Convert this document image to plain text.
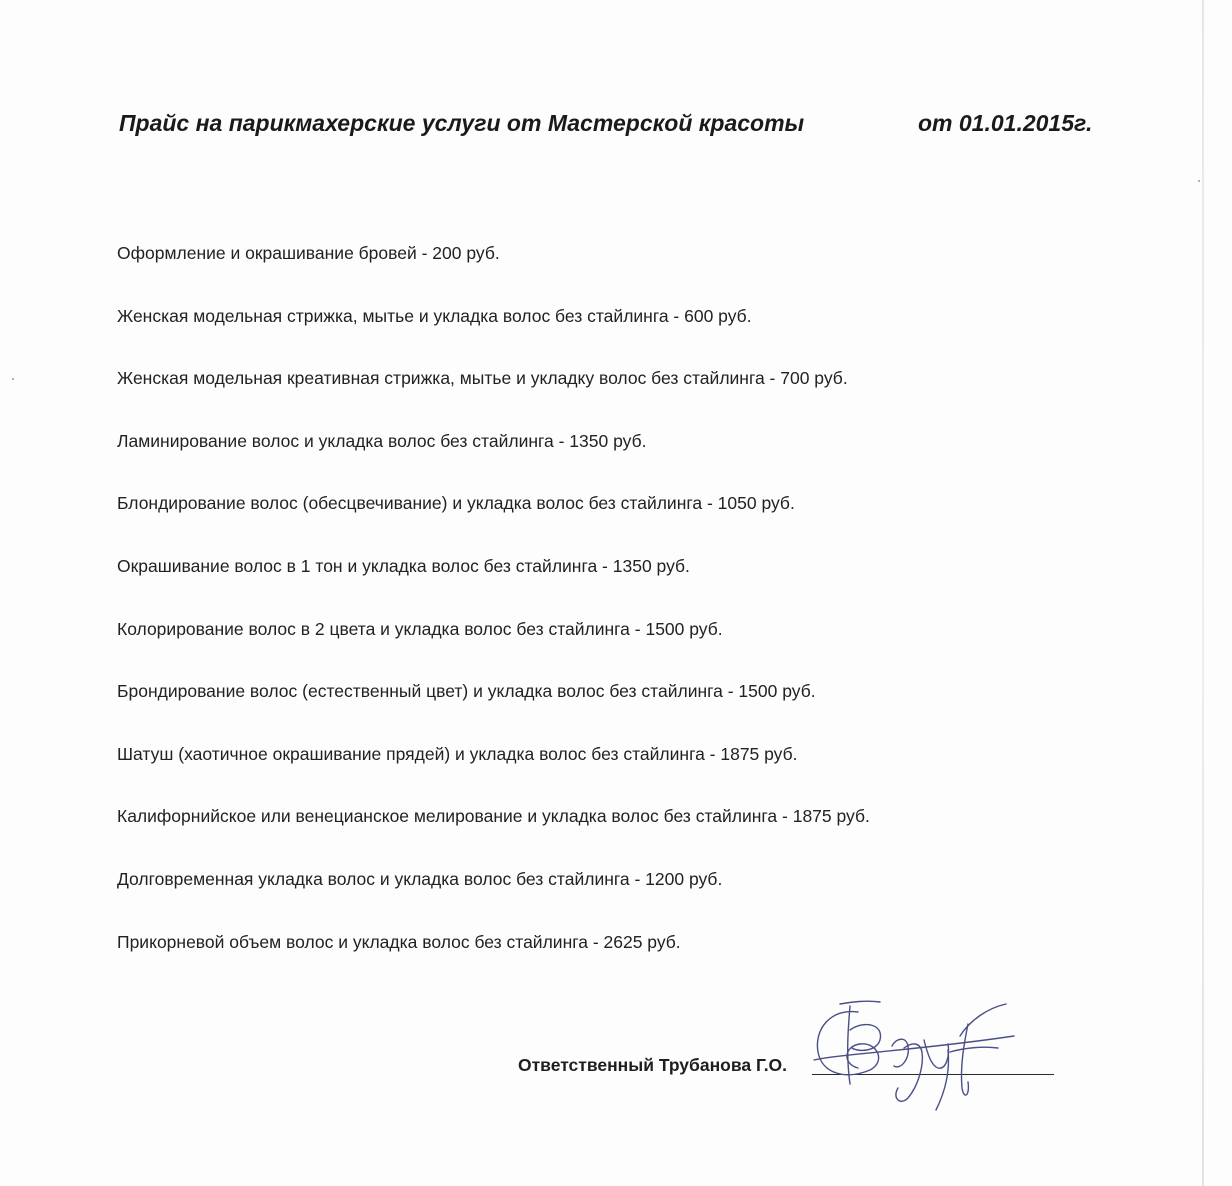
Прайс на парикмахерские услуги от Мастерской красоты	от 01.01.2015г.
Оформление и окрашивание бровей - 200 руб.
Женская модельная стрижка, мытье и укладка волос без стайлинга - 600 руб.
Женская модельная креативная стрижка, мытье и укладку волос без стайлинга - 700 руб.
Ламинирование волос и укладка волос без стайлинга - 1350 руб.
Блондирование волос (обесцвечивание) и укладка волос без стайлинга - 1050 руб.
Окрашивание волос в 1 тон и укладка волос без стайлинга - 1350 руб.
Колорирование волос в 2 цвета и укладка волос без стайлинга - 1500 руб.
Брондирование волос (естественный цвет) и укладка волос без стайлинга - 1500 руб.
Шатуш (хаотичное окрашивание прядей) и укладка волос без стайлинга - 1875 руб.
Калифорнийское или венецианское мелирование и укладка волос без стайлинга - 1875 руб.
Долговременная укладка волос и укладка волос без стайлинга - 1200 руб.
Прикорневой объем волос и укладка волос без стайлинга - 2625 руб.
Ответственный Трубанова Г.О.
